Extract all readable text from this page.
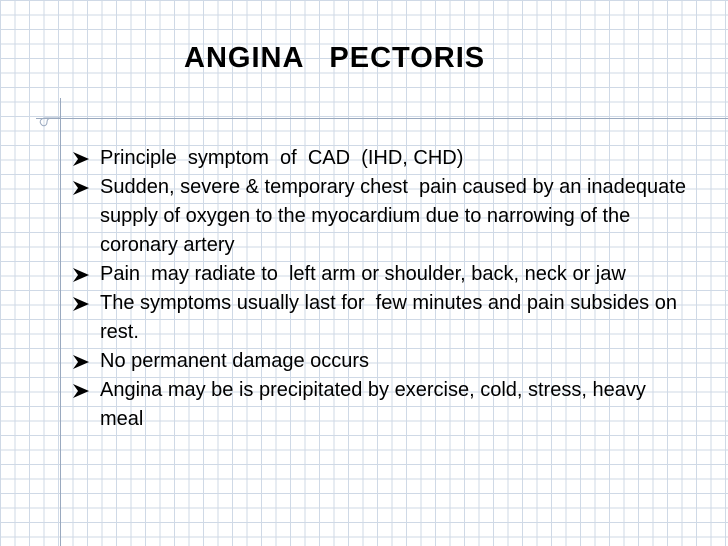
ANGINA  PECTORIS
Principle  symptom  of  CAD  (IHD, CHD)
Sudden, severe & temporary chest  pain caused by an inadequate supply of oxygen to the myocardium due to narrowing of the coronary artery
Pain  may radiate to  left arm or shoulder, back, neck or jaw
The symptoms usually last for  few minutes and pain subsides on rest.
No permanent damage occurs
Angina may be is precipitated by exercise, cold, stress, heavy  meal
